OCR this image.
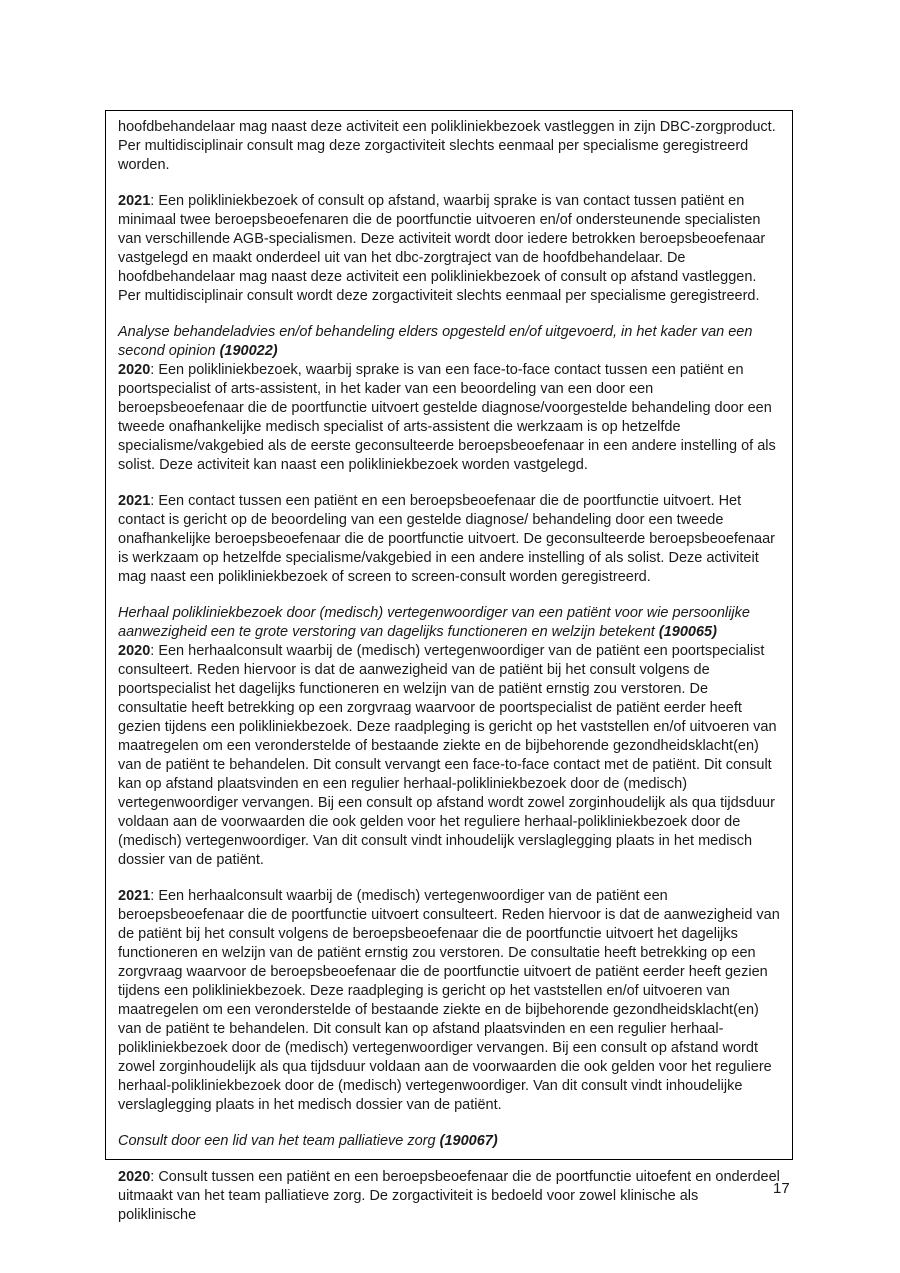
hoofdbehandelaar mag naast deze activiteit een polikliniekbezoek vastleggen in zijn DBC-zorgproduct. Per multidisciplinair consult mag deze zorgactiviteit slechts eenmaal per specialisme geregistreerd worden.

2021: Een polikliniekbezoek of consult op afstand, waarbij sprake is van contact tussen patiënt en minimaal twee beroepsbeoefenaren die de poortfunctie uitvoeren en/of ondersteunende specialisten van verschillende AGB-specialismen. Deze activiteit wordt door iedere betrokken beroepsbeoefenaar vastgelegd en maakt onderdeel uit van het dbc-zorgtraject van de hoofdbehandelaar. De hoofdbehandelaar mag naast deze activiteit een polikliniekbezoek of consult op afstand vastleggen. Per multidisciplinair consult wordt deze zorgactiviteit slechts eenmaal per specialisme geregistreerd.

Analyse behandeladvies en/of behandeling elders opgesteld en/of uitgevoerd, in het kader van een second opinion (190022)

2020: Een polikliniekbezoek, waarbij sprake is van een face-to-face contact tussen een patiënt en poortspecialist of arts-assistent, in het kader van een beoordeling van een door een beroepsbeoefenaar die de poortfunctie uitvoert gestelde diagnose/voorgestelde behandeling door een tweede onafhankelijke medisch specialist of arts-assistent die werkzaam is op hetzelfde specialisme/vakgebied als de eerste geconsulteerde beroepsbeoefenaar in een andere instelling of als solist. Deze activiteit kan naast een polikliniekbezoek worden vastgelegd.

2021: Een contact tussen een patiënt en een beroepsbeoefenaar die de poortfunctie uitvoert. Het contact is gericht op de beoordeling van een gestelde diagnose/ behandeling door een tweede onafhankelijke beroepsbeoefenaar die de poortfunctie uitvoert. De geconsulteerde beroepsbeoefenaar is werkzaam op hetzelfde specialisme/vakgebied in een andere instelling of als solist. Deze activiteit mag naast een polikliniekbezoek of screen to screen-consult worden geregistreerd.

Herhaal polikliniekbezoek door (medisch) vertegenwoordiger van een patiënt voor wie persoonlijke aanwezigheid een te grote verstoring van dagelijks functioneren en welzijn betekent (190065)

2020: Een herhaalconsult waarbij de (medisch) vertegenwoordiger van de patiënt een poortspecialist consulteert. Reden hiervoor is dat de aanwezigheid van de patiënt bij het consult volgens de poortspecialist het dagelijks functioneren en welzijn van de patiënt ernstig zou verstoren. De consultatie heeft betrekking op een zorgvraag waarvoor de poortspecialist de patiënt eerder heeft gezien tijdens een polikliniekbezoek. Deze raadpleging is gericht op het vaststellen en/of uitvoeren van maatregelen om een veronderstelde of bestaande ziekte en de bijbehorende gezondheidsklacht(en) van de patiënt te behandelen. Dit consult vervangt een face-to-face contact met de patiënt. Dit consult kan op afstand plaatsvinden en een regulier herhaal-polikliniekbezoek door de (medisch) vertegenwoordiger vervangen. Bij een consult op afstand wordt zowel zorginhoudelijk als qua tijdsduur voldaan aan de voorwaarden die ook gelden voor het reguliere herhaal-polikliniekbezoek door de (medisch) vertegenwoordiger. Van dit consult vindt inhoudelijk verslaglegging plaats in het medisch dossier van de patiënt.

2021: Een herhaalconsult waarbij de (medisch) vertegenwoordiger van de patiënt een beroepsbeoefenaar die de poortfunctie uitvoert consulteert. Reden hiervoor is dat de aanwezigheid van de patiënt bij het consult volgens de beroepsbeoefenaar die de poortfunctie uitvoert het dagelijks functioneren en welzijn van de patiënt ernstig zou verstoren. De consultatie heeft betrekking op een zorgvraag waarvoor de beroepsbeoefenaar die de poortfunctie uitvoert de patiënt eerder heeft gezien tijdens een polikliniekbezoek. Deze raadpleging is gericht op het vaststellen en/of uitvoeren van maatregelen om een veronderstelde of bestaande ziekte en de bijbehorende gezondheidsklacht(en) van de patiënt te behandelen. Dit consult kan op afstand plaatsvinden en een regulier herhaal-polikliniekbezoek door de (medisch) vertegenwoordiger vervangen. Bij een consult op afstand wordt zowel zorginhoudelijk als qua tijdsduur voldaan aan de voorwaarden die ook gelden voor het reguliere herhaal-polikliniekbezoek door de (medisch) vertegenwoordiger. Van dit consult vindt inhoudelijke verslaglegging plaats in het medisch dossier van de patiënt.

Consult door een lid van het team palliatieve zorg (190067)

2020: Consult tussen een patiënt en een beroepsbeoefenaar die de poortfunctie uitoefent en onderdeel uitmaakt van het team palliatieve zorg. De zorgactiviteit is bedoeld voor zowel klinische als poliklinische

17
